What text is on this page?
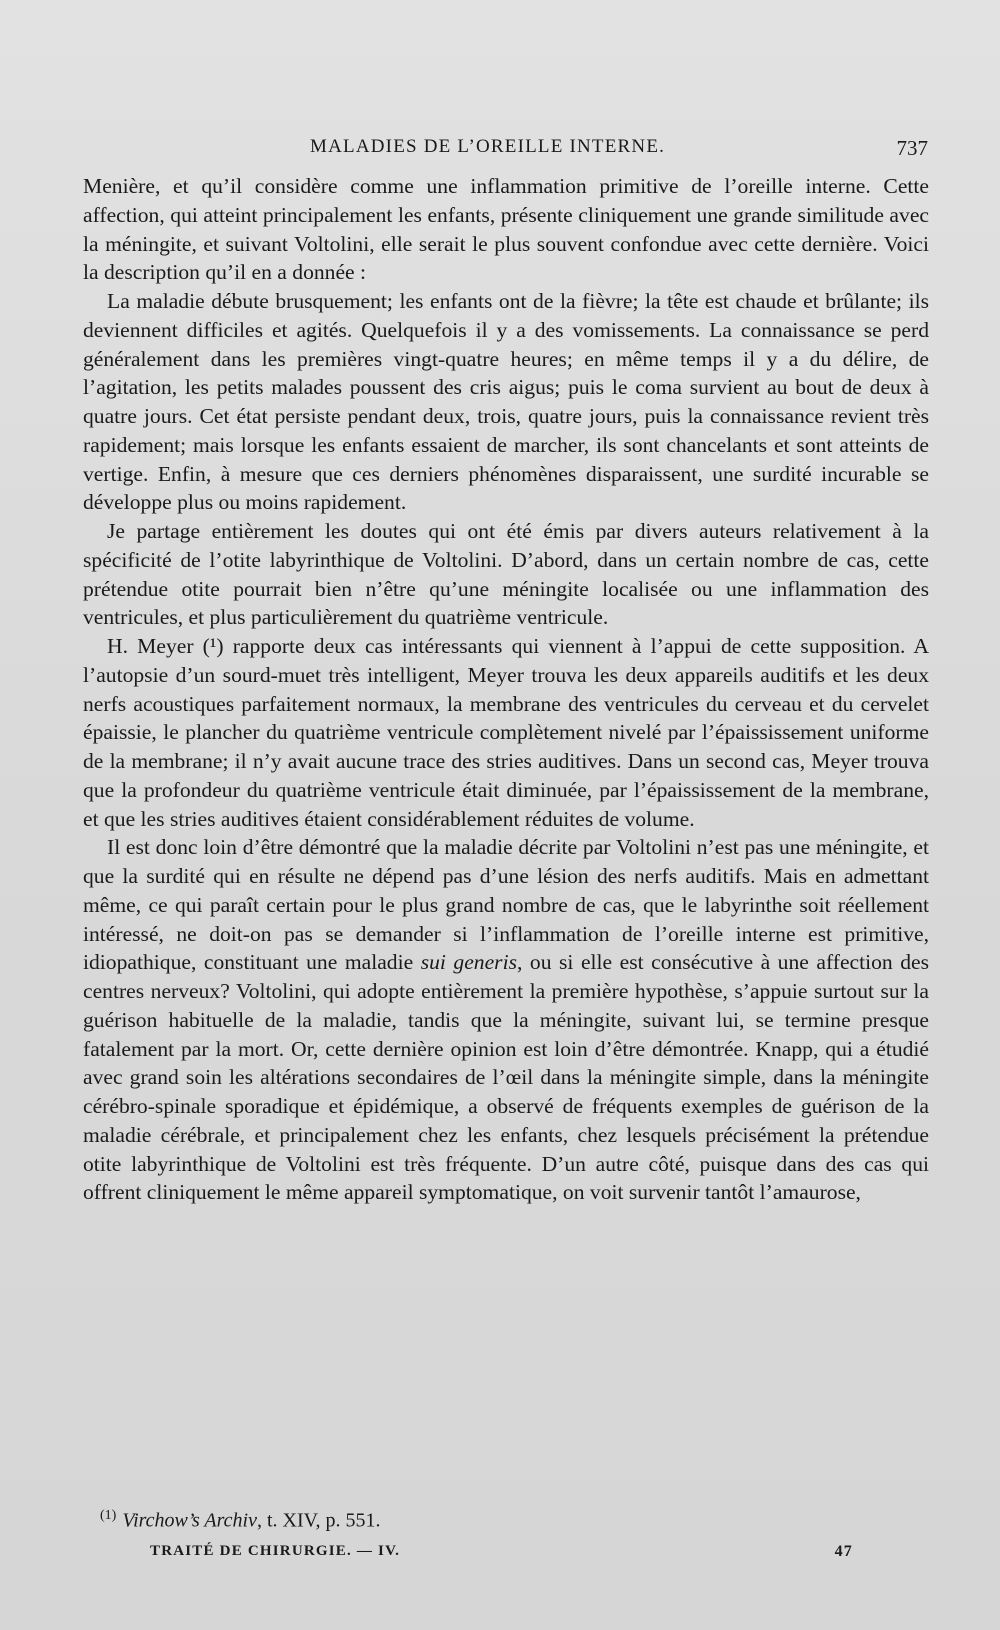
MALADIES DE L’OREILLE INTERNE.	737

Menière, et qu’il considère comme une inflammation primitive de l’oreille interne. Cette affection, qui atteint principalement les enfants, présente cliniquement une grande similitude avec la méningite, et suivant Voltolini, elle serait le plus souvent confondue avec cette dernière. Voici la description qu’il en a donnée :

La maladie débute brusquement; les enfants ont de la fièvre; la tête est chaude et brûlante; ils deviennent difficiles et agités. Quelquefois il y a des vomissements. La connaissance se perd généralement dans les premières vingt-quatre heures; en même temps il y a du délire, de l’agitation, les petits malades poussent des cris aigus; puis le coma survient au bout de deux à quatre jours. Cet état persiste pendant deux, trois, quatre jours, puis la connaissance revient très rapidement; mais lorsque les enfants essaient de marcher, ils sont chancelants et sont atteints de vertige. Enfin, à mesure que ces derniers phénomènes disparaissent, une surdité incurable se développe plus ou moins rapidement.

Je partage entièrement les doutes qui ont été émis par divers auteurs relativement à la spécificité de l’otite labyrinthique de Voltolini. D’abord, dans un certain nombre de cas, cette prétendue otite pourrait bien n’être qu’une méningite localisée ou une inflammation des ventricules, et plus particulièrement du quatrième ventricule.

H. Meyer (¹) rapporte deux cas intéressants qui viennent à l’appui de cette supposition. A l’autopsie d’un sourd-muet très intelligent, Meyer trouva les deux appareils auditifs et les deux nerfs acoustiques parfaitement normaux, la membrane des ventricules du cerveau et du cervelet épaissie, le plancher du quatrième ventricule complètement nivelé par l’épaississement uniforme de la membrane; il n’y avait aucune trace des stries auditives. Dans un second cas, Meyer trouva que la profondeur du quatrième ventricule était diminuée, par l’épaississement de la membrane, et que les stries auditives étaient considérablement réduites de volume.

Il est donc loin d’être démontré que la maladie décrite par Voltolini n’est pas une méningite, et que la surdité qui en résulte ne dépend pas d’une lésion des nerfs auditifs. Mais en admettant même, ce qui paraît certain pour le plus grand nombre de cas, que le labyrinthe soit réellement intéressé, ne doit-on pas se demander si l’inflammation de l’oreille interne est primitive, idiopathique, constituant une maladie sui generis, ou si elle est consécutive à une affection des centres nerveux? Voltolini, qui adopte entièrement la première hypothèse, s’appuie surtout sur la guérison habituelle de la maladie, tandis que la méningite, suivant lui, se termine presque fatalement par la mort. Or, cette dernière opinion est loin d’être démontrée. Knapp, qui a étudié avec grand soin les altérations secondaires de l’œil dans la méningite simple, dans la méningite cérébro-spinale sporadique et épidémique, a observé de fréquents exemples de guérison de la maladie cérébrale, et principalement chez les enfants, chez lesquels précisément la prétendue otite labyrinthique de Voltolini est très fréquente. D’un autre côté, puisque dans des cas qui offrent cliniquement le même appareil symptomatique, on voit survenir tantôt l’amaurose,

$^{(1)}$ Virchow’s Archiv, t. XIV, p. 551.
TRAITÉ DE CHIRURGIE. — IV.	47
